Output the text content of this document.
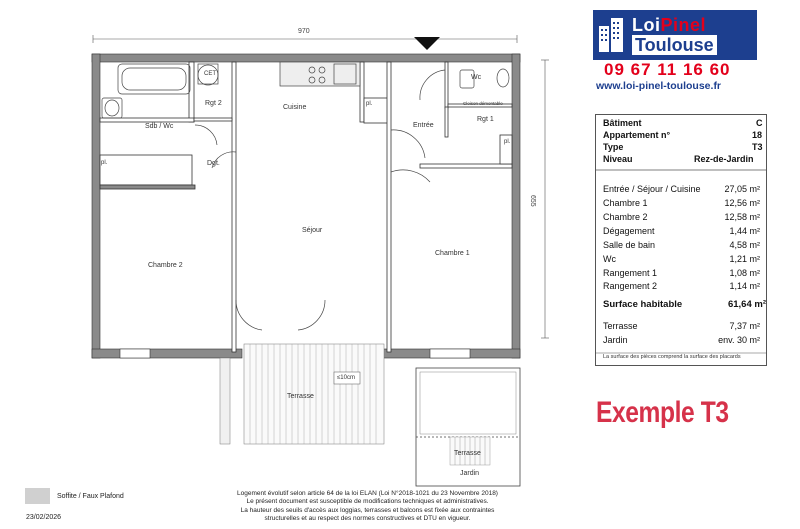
970
655
Sdb / Wc
Rgt 2
Cuisine
Entrée
Rgt 1
Wc
Dgt.
Séjour
Chambre 2
Chambre 1
Terrasse
Terrasse
Jardin
CET
Cloison démontable
pl.
pl.
pl.
≤10cm
LoiPinel
Toulouse
09 67 11 16 60
www.loi-pinel-toulouse.fr
Bâtiment	C
Appartement n°	18
Type	T3
Niveau	Rez-de-Jardin
Entrée / Séjour / Cuisine	27,05 m²
Chambre 1	12,56 m²
Chambre 2	12,58 m²
Dégagement	1,44 m²
Salle de bain	4,58 m²
Wc	1,21 m²
Rangement 1	1,08 m²
Rangement 2	1,14 m²
Surface habitable	61,64 m²
Terrasse	7,37 m²
Jardin	env. 30 m²
La surface des pièces comprend la surface des placards
Exemple T3
Soffite / Faux Plafond	Logement évolutif selon article 64 de la loi ELAN (Loi N°2018-1021 du 23 Novembre 2018)
Le présent document est susceptible de modifications techniques et administratives.
La hauteur des seuils d'accès aux loggias, terrasses et balcons est fixée aux contraintes
structurelles et au respect des normes constructives et DTU en vigueur.
23/02/2026
